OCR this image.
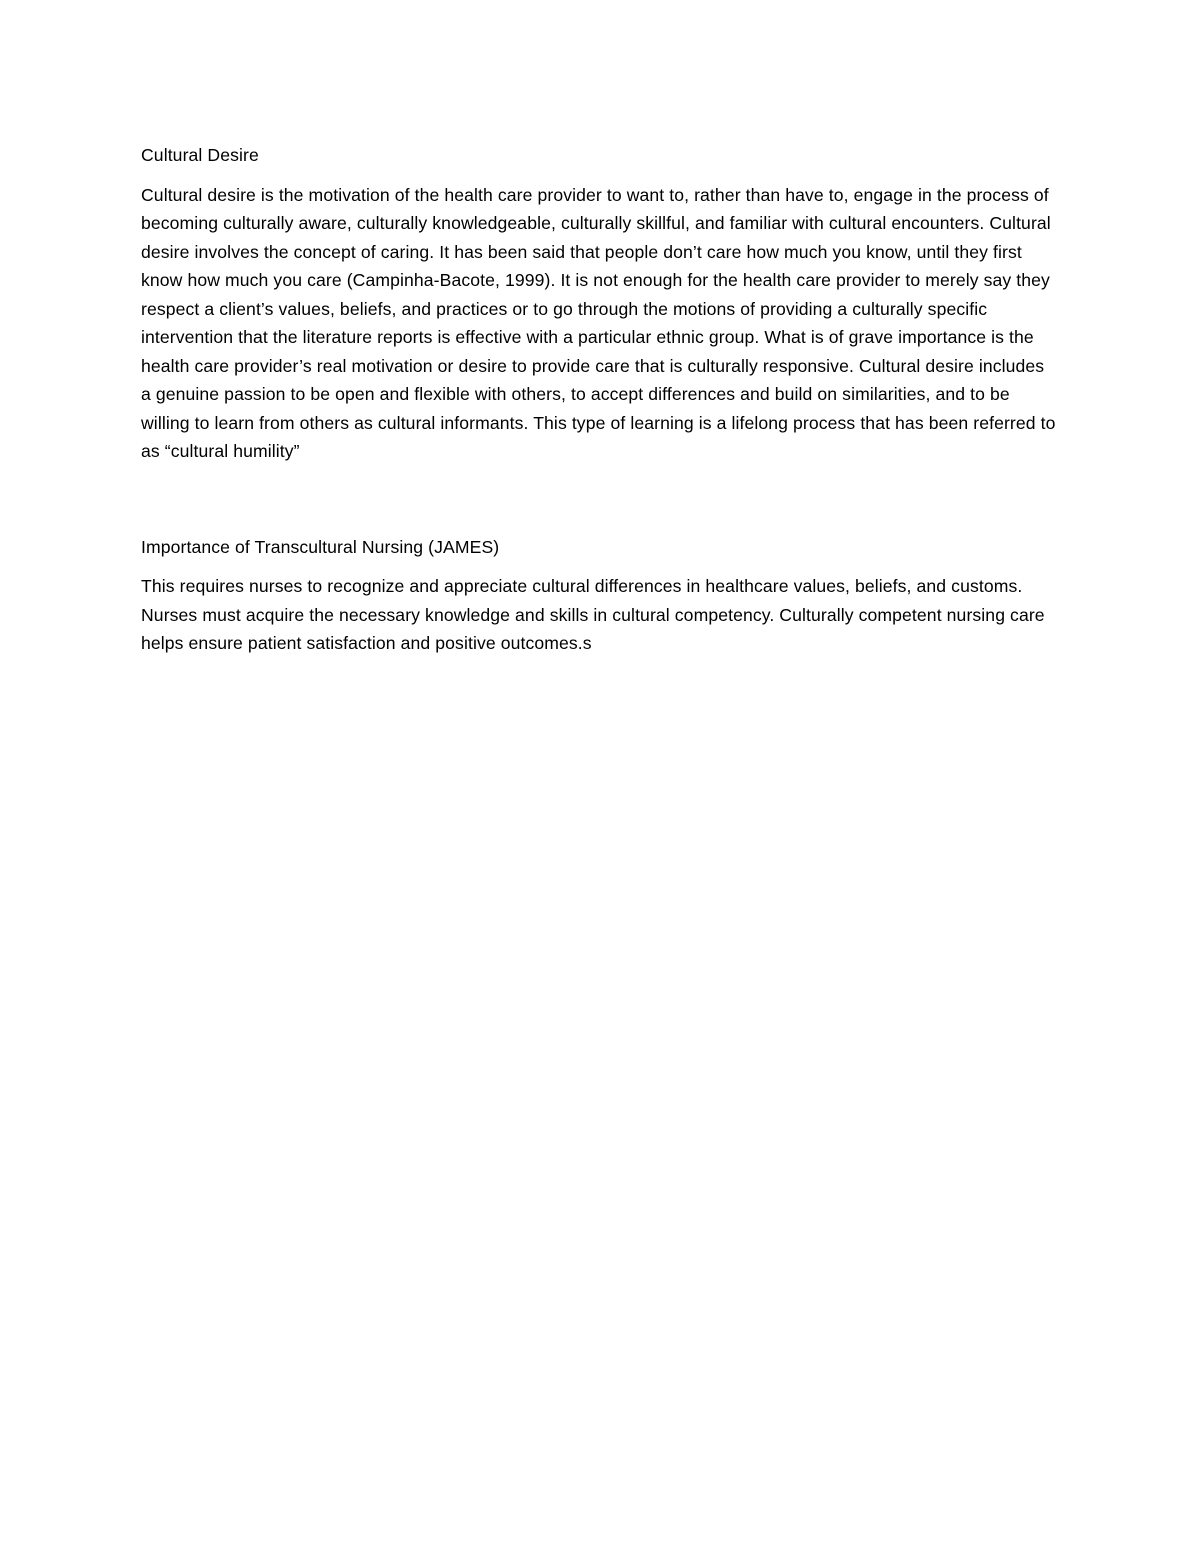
Cultural Desire

Cultural desire is the motivation of the health care provider to want to, rather than have to, engage in the process of becoming culturally aware, culturally knowledgeable, culturally skillful, and familiar with cultural encounters. Cultural desire involves the concept of caring. It has been said that people don’t care how much you know, until they first know how much you care (Campinha-Bacote, 1999). It is not enough for the health care provider to merely say they respect a client’s values, beliefs, and practices or to go through the motions of providing a culturally specific intervention that the literature reports is effective with a particular ethnic group. What is of grave importance is the health care provider’s real motivation or desire to provide care that is culturally responsive. Cultural desire includes a genuine passion to be open and flexible with others, to accept differences and build on similarities, and to be willing to learn from others as cultural informants. This type of learning is a lifelong process that has been referred to as “cultural humility”

Importance of Transcultural Nursing (JAMES)

This requires nurses to recognize and appreciate cultural differences in healthcare values, beliefs, and customs. Nurses must acquire the necessary knowledge and skills in cultural competency. Culturally competent nursing care helps ensure patient satisfaction and positive outcomes.s
